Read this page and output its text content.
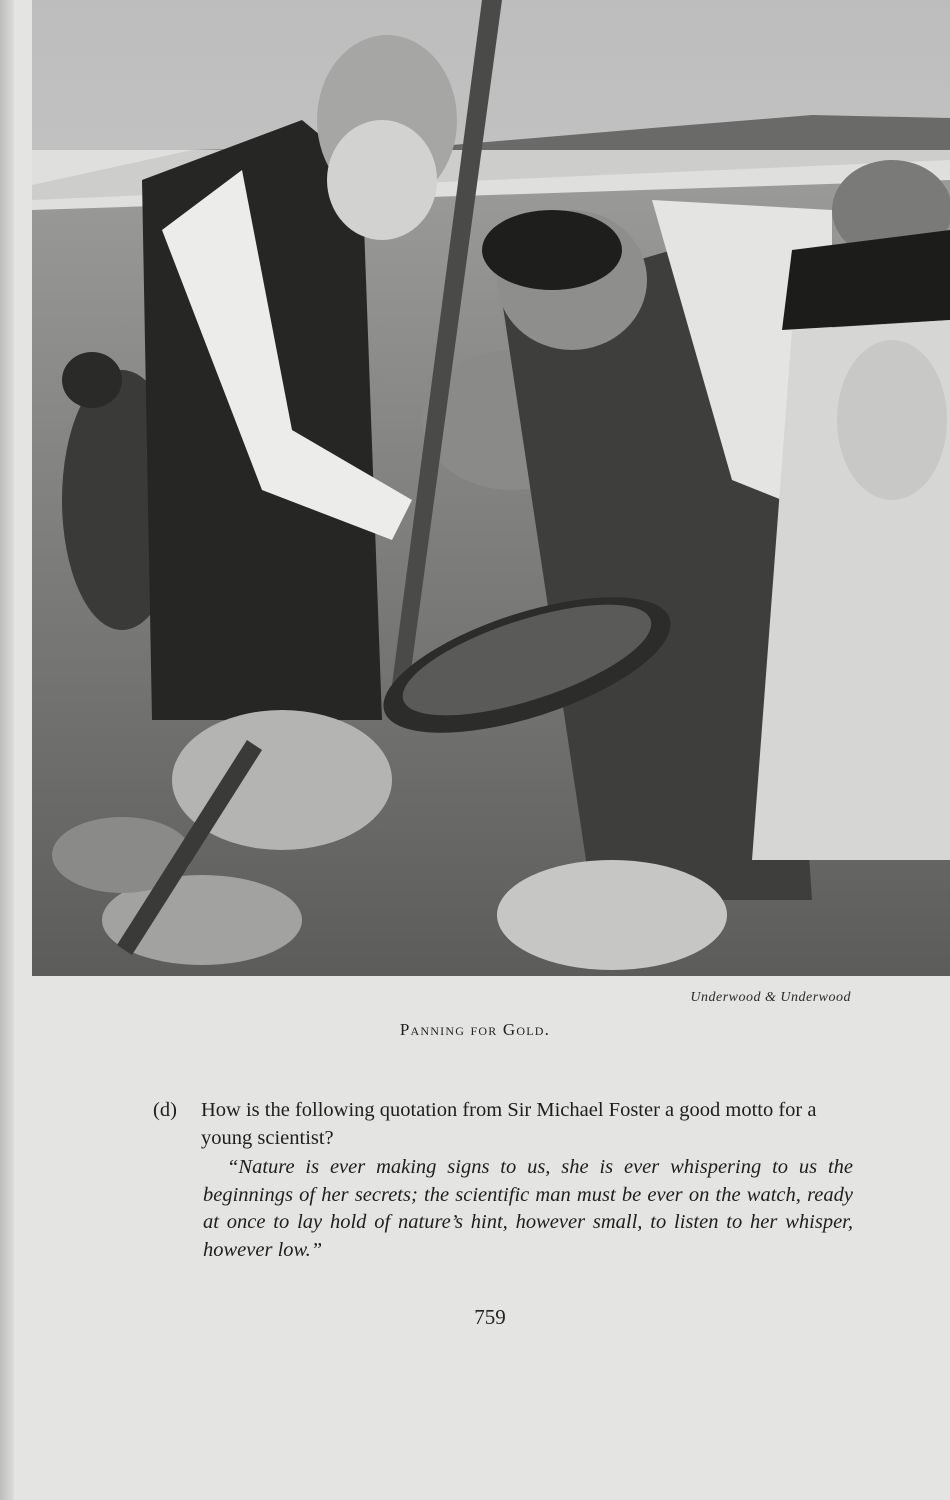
Underwood & Underwood
Panning for Gold.
(d)	How is the following quotation from Sir Michael Foster a good motto for a young scientist?
“Nature is ever making signs to us, she is ever whispering to us the beginnings of her secrets; the scientific man must be ever on the watch, ready at once to lay hold of nature’s hint, however small, to listen to her whisper, however low.”
759
